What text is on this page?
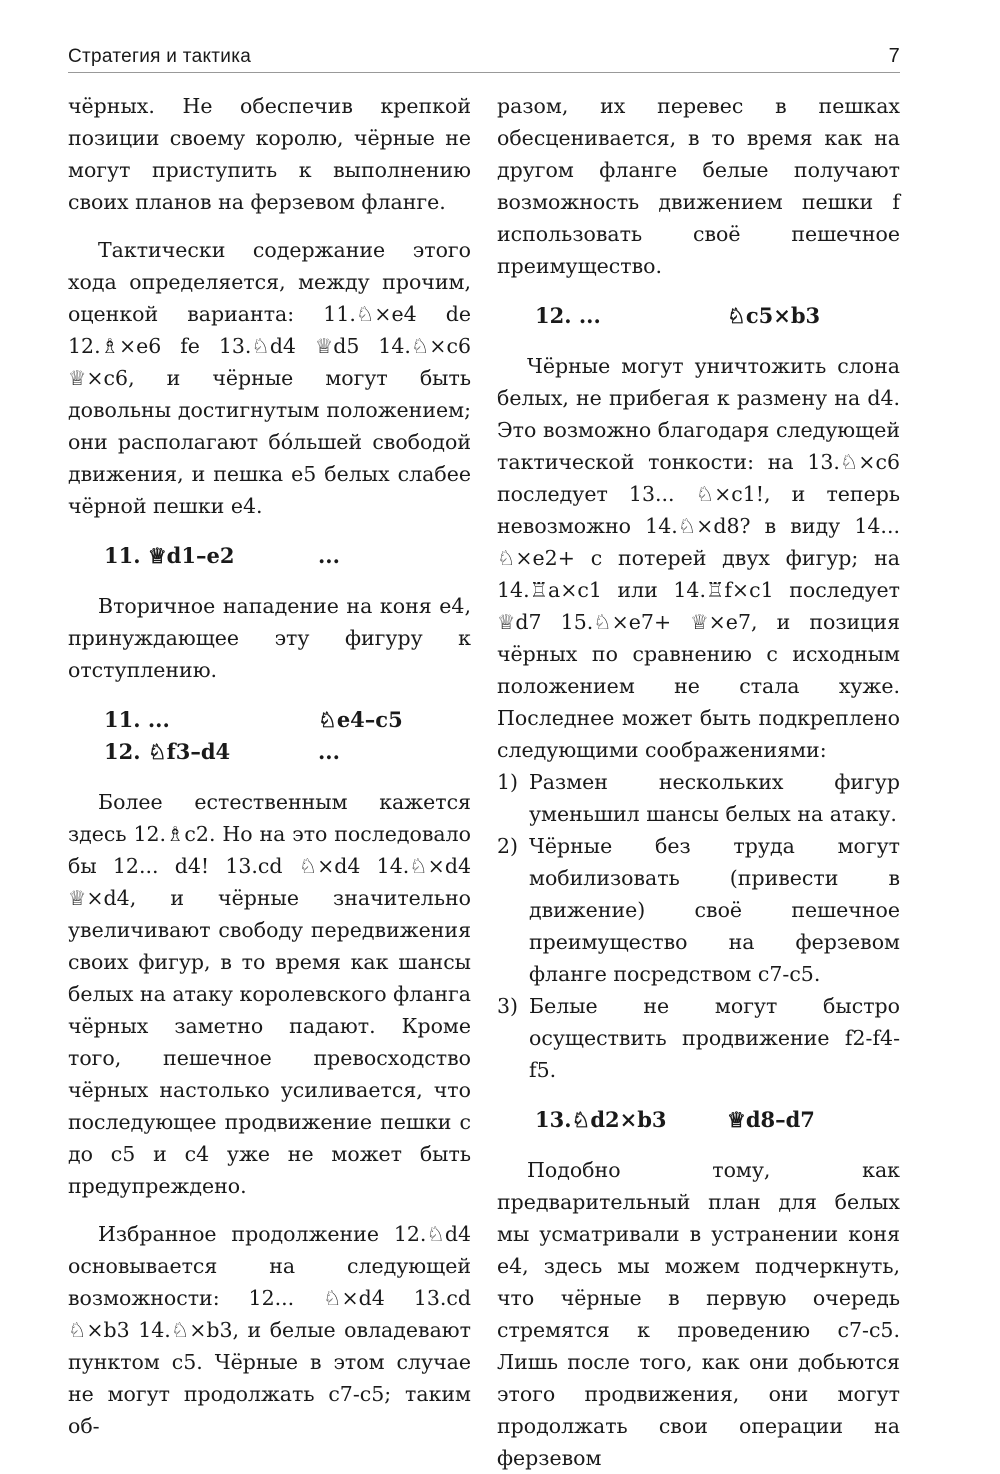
Стратегия и тактика	7

чёрных. Не обеспечив крепкой позиции своему королю, чёрные не могут приступить к выполнению своих планов на ферзевом фланге.

Тактически содержание этого хода определяется, между прочим, оценкой варианта: 11.♘×e4 de 12.♗×e6 fe 13.♘d4 ♕d5 14.♘×c6 ♕×c6, и чёрные могут быть довольны достигнутым положением; они располагают бо́льшей свободой движения, и пешка e5 белых слабее чёрной пешки e4.

11. ♕d1–e2	...

Вторичное нападение на коня e4, принуждающее эту фигуру к отступлению.

11. ...	♘e4–c5
12. ♘f3–d4	...

Более естественным кажется здесь 12.♗c2. Но на это последовало бы 12... d4! 13.cd ♘×d4 14.♘×d4 ♕×d4, и чёрные значительно увеличивают свободу передвижения своих фигур, в то время как шансы белых на атаку королевского фланга чёрных заметно падают. Кроме того, пешечное превосходство чёрных настолько усиливается, что последующее продвижение пешки c до c5 и c4 уже не может быть предупреждено.

Избранное продолжение 12.♘d4 основывается на следующей возможности: 12... ♘×d4 13.cd ♘×b3 14.♘×b3, и белые овладевают пунктом c5. Чёрные в этом случае не могут продолжать c7-c5; таким об-

разом, их перевес в пешках обесценивается, в то время как на другом фланге белые получают возможность движением пешки f использовать своё пешечное преимущество.

12. ...	♘c5×b3

Чёрные могут уничтожить слона белых, не прибегая к размену на d4. Это возможно благодаря следующей тактической тонкости: на 13.♘×c6 последует 13... ♘×c1!, и теперь невозможно 14.♘×d8? в виду 14... ♘×e2+ с потерей двух фигур; на 14.♖a×c1 или 14.♖f×c1 последует ♕d7 15.♘×e7+ ♕×e7, и позиция чёрных по сравнению с исходным положением не стала хуже. Последнее может быть подкреплено следующими соображениями:

1) Размен нескольких фигур уменьшил шансы белых на атаку.
2) Чёрные без труда могут мобилизовать (привести в движение) своё пешечное преимущество на ферзевом фланге посредством c7-c5.
3) Белые не могут быстро осуществить продвижение f2-f4-f5.
13.♘d2×b3	♕d8–d7

Подобно тому, как предварительный план для белых мы усматривали в устранении коня e4, здесь мы можем подчеркнуть, что чёрные в первую очередь стремятся к проведению c7-c5. Лишь после того, как они добьются этого продвижения, они могут продолжать свои операции на ферзевом
